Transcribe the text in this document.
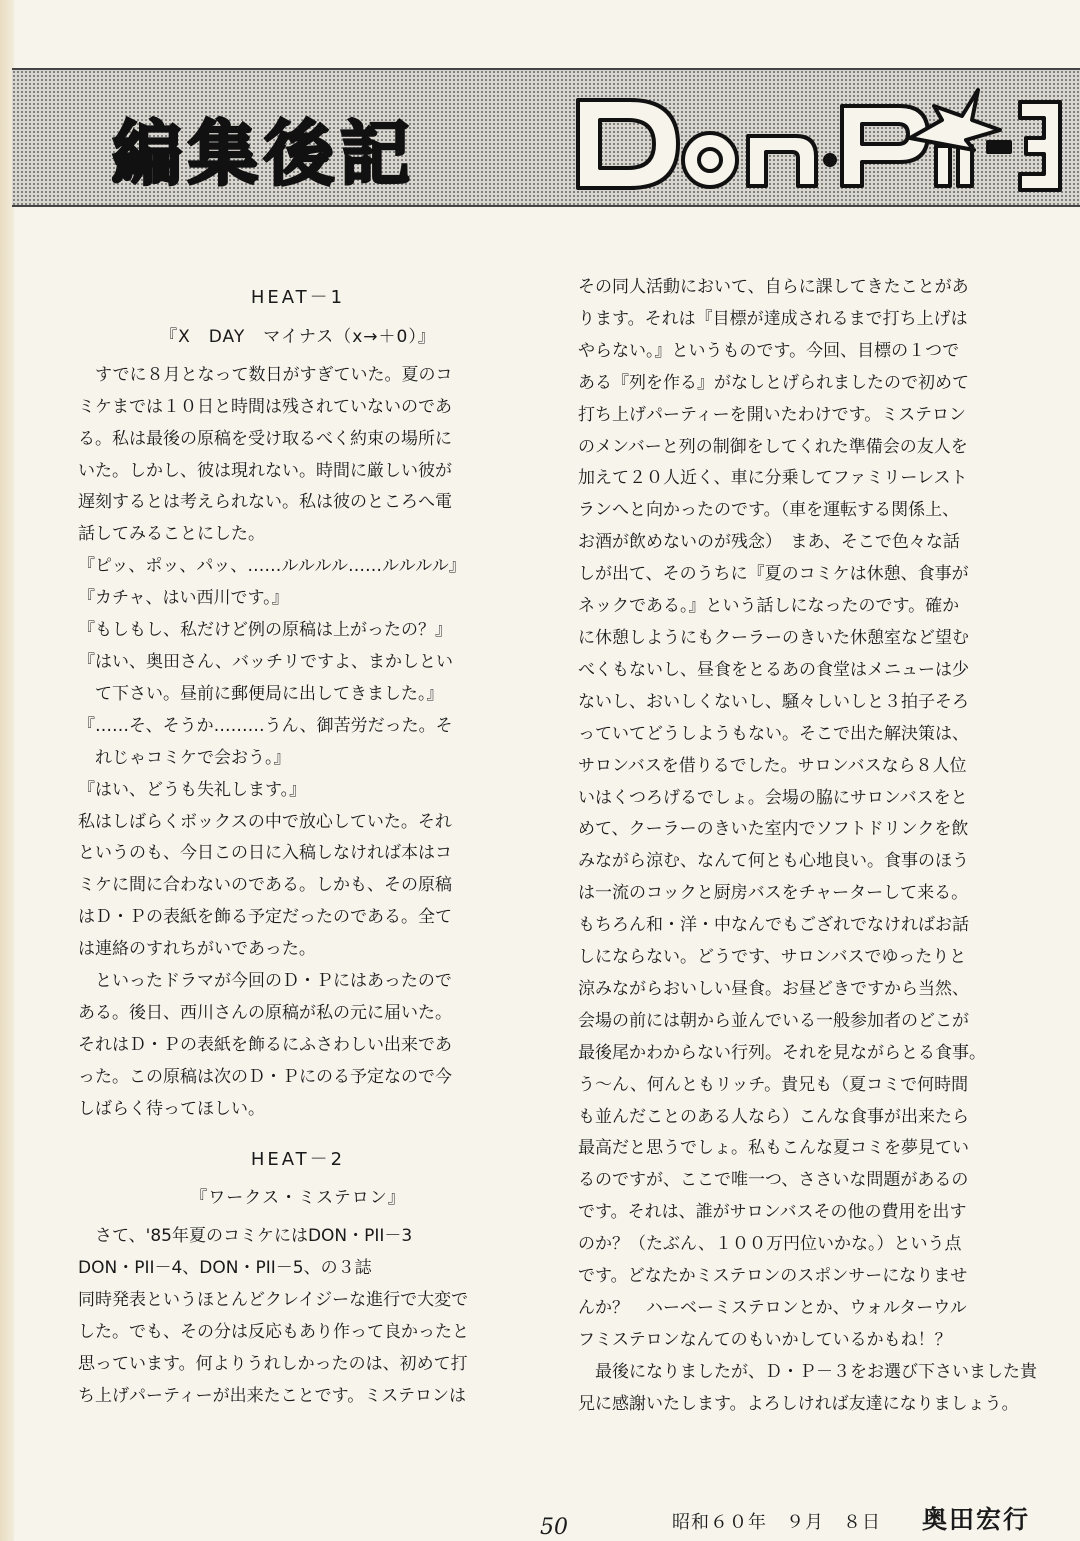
編集後記

HEAT－1

『X　DAY　マイナス（x→＋0）』

　すでに８月となって数日がすぎていた。夏のコ

ミケまでは１０日と時間は残されていないのであ

る。私は最後の原稿を受け取るべく約束の場所に

いた。しかし、彼は現れない。時間に厳しい彼が

遅刻するとは考えられない。私は彼のところへ電

話してみることにした。

『ピッ、ポッ、パッ、……ルルルル……ルルルル』

『カチャ、はい西川です。』

『もしもし、私だけど例の原稿は上がったの？』

『はい、奥田さん、バッチリですよ、まかしとい

　て下さい。昼前に郵便局に出してきました。』

『……そ、そうか………うん、御苦労だった。そ

　れじゃコミケで会おう。』

『はい、どうも失礼します。』

私はしばらくボックスの中で放心していた。それ

というのも、今日この日に入稿しなければ本はコ

ミケに間に合わないのである。しかも、その原稿

はＤ・Ｐの表紙を飾る予定だったのである。全て

は連絡のすれちがいであった。

　といったドラマが今回のＤ・Ｐにはあったので

ある。後日、西川さんの原稿が私の元に届いた。

それはＤ・Ｐの表紙を飾るにふさわしい出来であ

った。この原稿は次のＤ・Ｐにのる予定なので今

しばらく待ってほしい。

HEAT－2

『ワークス・ミステロン』

　さて、'85年夏のコミケにはDON・PII－3

DON・PII－4、DON・PII－5、の３誌

同時発表というほとんどクレイジーな進行で大変で

した。でも、その分は反応もあり作って良かったと

思っています。何よりうれしかったのは、初めて打

ち上げパーティーが出来たことです。ミステロンは

その同人活動において、自らに課してきたことがあ

ります。それは『目標が達成されるまで打ち上げは

やらない。』というものです。今回、目標の１つで

ある『列を作る』がなしとげられましたので初めて

打ち上げパーティーを開いたわけです。ミステロン

のメンバーと列の制御をしてくれた準備会の友人を

加えて２０人近く、車に分乗してファミリーレスト

ランへと向かったのです。（車を運転する関係上、

お酒が飲めないのが残念）　まあ、そこで色々な話

しが出て、そのうちに『夏のコミケは休憩、食事が

ネックである。』という話しになったのです。確か

に休憩しようにもクーラーのきいた休憩室など望む

べくもないし、昼食をとるあの食堂はメニューは少

ないし、おいしくないし、騒々しいしと３拍子そろ

っていてどうしようもない。そこで出た解決策は、

サロンバスを借りるでした。サロンバスなら８人位

いはくつろげるでしょ。会場の脇にサロンバスをと

めて、クーラーのきいた室内でソフトドリンクを飲

みながら涼む、なんて何とも心地良い。食事のほう

は一流のコックと厨房バスをチャーターして来る。

もちろん和・洋・中なんでもござれでなければお話

しにならない。どうです、サロンバスでゆったりと

涼みながらおいしい昼食。お昼どきですから当然、

会場の前には朝から並んでいる一般参加者のどこが

最後尾かわからない行列。それを見ながらとる食事。

う～ん、何んともリッチ。貴兄も（夏コミで何時間

も並んだことのある人なら）こんな食事が出来たら

最高だと思うでしょ。私もこんな夏コミを夢見てい

るのですが、ここで唯一つ、ささいな問題があるの

です。それは、誰がサロンバスその他の費用を出す

のか？（たぶん、１００万円位いかな。）という点

です。どなたかミステロンのスポンサーになりませ

んか？　ハーベーミステロンとか、ウォルターウル

フミステロンなんてのもいかしているかもね！？

　最後になりましたが、Ｄ・Ｐ－３をお選び下さいました貴

兄に感謝いたします。よろしければ友達になりましょう。

50	昭和６０年　９月　８日 奥田宏行
